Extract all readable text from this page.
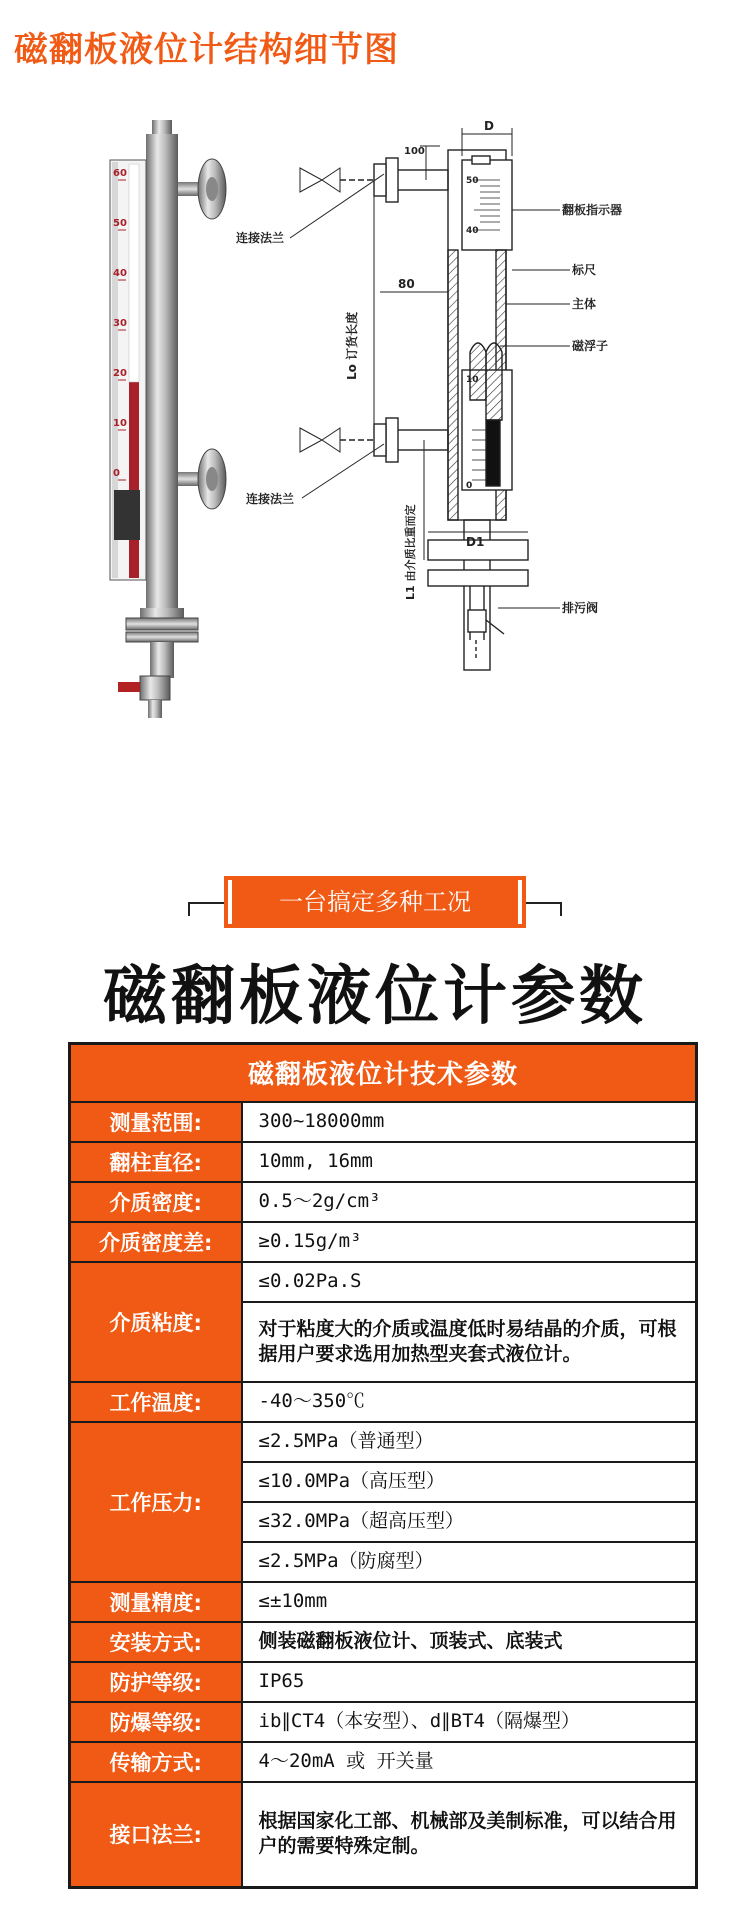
磁翻板液位计结构细节图
60
50
40
30
20
10
0
D
100
80
50
40
10
0
连接法兰
连接法兰
翻板指示器
标尺
主体
磁浮子
排污阀
D1
Lo 订货长度
L1 由介质比重而定
一台搞定多种工况
磁翻板液位计参数
磁翻板液位计技术参数	
测量范围:	300~18000mm
翻柱直径:	10mm, 16mm
介质密度:	0.5～2g/cm³
介质密度差:	≥0.15g/m³
介质粘度:	≤0.02Pa.S
	对于粘度大的介质或温度低时易结晶的介质，可根据用户要求选用加热型夹套式液位计。
工作温度:	-40～350℃
工作压力:	≤2.5MPa（普通型）
	≤10.0MPa（高压型）
	≤32.0MPa（超高压型）
	≤2.5MPa（防腐型）
测量精度:	≤±10mm
安装方式:	侧装磁翻板液位计、顶装式、底装式
防护等级:	IP65
防爆等级:	ib∥CT4（本安型）、d∥BT4（隔爆型）
传输方式:	4～20mA 或 开关量
接口法兰:	根据国家化工部、机械部及美制标准，可以结合用户的需要特殊定制。
